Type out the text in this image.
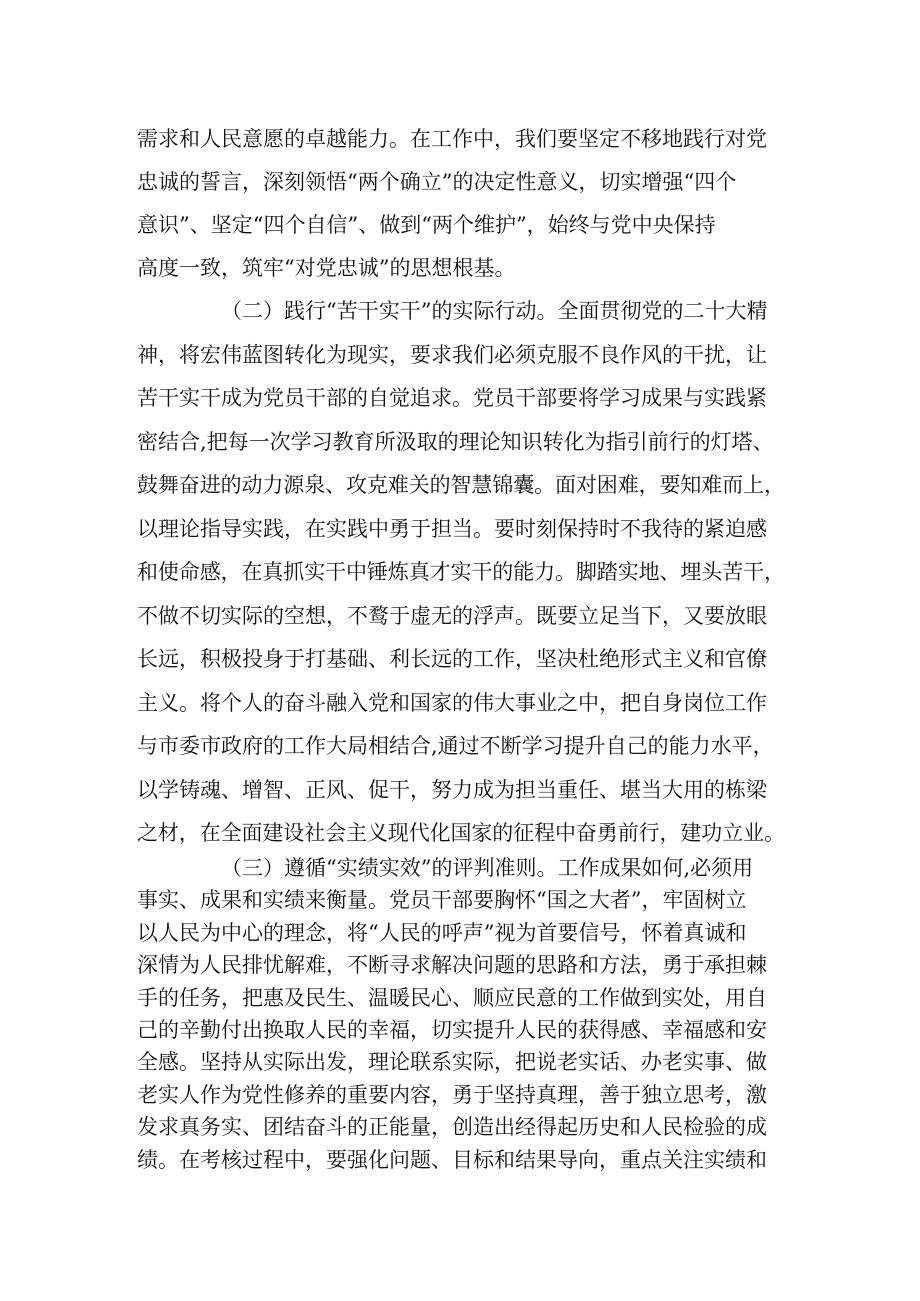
需求和人民意愿的卓越能力。在工作中，我们要坚定不移地践行对党
忠诚的誓言，深刻领悟“两个确立”的决定性意义，切实增强“四个
意识”、坚定“四个自信”、做到“两个维护”，始终与党中央保持
高度一致，筑牢“对党忠诚”的思想根基。
（二）践行“苦干实干”的实际行动。全面贯彻党的二十大精
神，将宏伟蓝图转化为现实，要求我们必须克服不良作风的干扰，让
苦干实干成为党员干部的自觉追求。党员干部要将学习成果与实践紧
密结合,把每一次学习教育所汲取的理论知识转化为指引前行的灯塔、
鼓舞奋进的动力源泉、攻克难关的智慧锦囊。面对困难，要知难而上，
以理论指导实践，在实践中勇于担当。要时刻保持时不我待的紧迫感
和使命感，在真抓实干中锤炼真才实干的能力。脚踏实地、埋头苦干，
不做不切实际的空想，不鹜于虚无的浮声。既要立足当下，又要放眼
长远，积极投身于打基础、利长远的工作，坚决杜绝形式主义和官僚
主义。将个人的奋斗融入党和国家的伟大事业之中，把自身岗位工作
与市委市政府的工作大局相结合,通过不断学习提升自己的能力水平，
以学铸魂、增智、正风、促干，努力成为担当重任、堪当大用的栋梁
之材，在全面建设社会主义现代化国家的征程中奋勇前行，建功立业。
（三）遵循“实绩实效”的评判准则。工作成果如何,必须用
事实、成果和实绩来衡量。党员干部要胸怀“国之大者”，牢固树立
以人民为中心的理念，将“人民的呼声”视为首要信号，怀着真诚和
深情为人民排忧解难，不断寻求解决问题的思路和方法，勇于承担棘
手的任务，把惠及民生、温暖民心、顺应民意的工作做到实处，用自
己的辛勤付出换取人民的幸福，切实提升人民的获得感、幸福感和安
全感。坚持从实际出发，理论联系实际，把说老实话、办老实事、做
老实人作为党性修养的重要内容，勇于坚持真理，善于独立思考，激
发求真务实、团结奋斗的正能量，创造出经得起历史和人民检验的成
绩。在考核过程中，要强化问题、目标和结果导向，重点关注实绩和
